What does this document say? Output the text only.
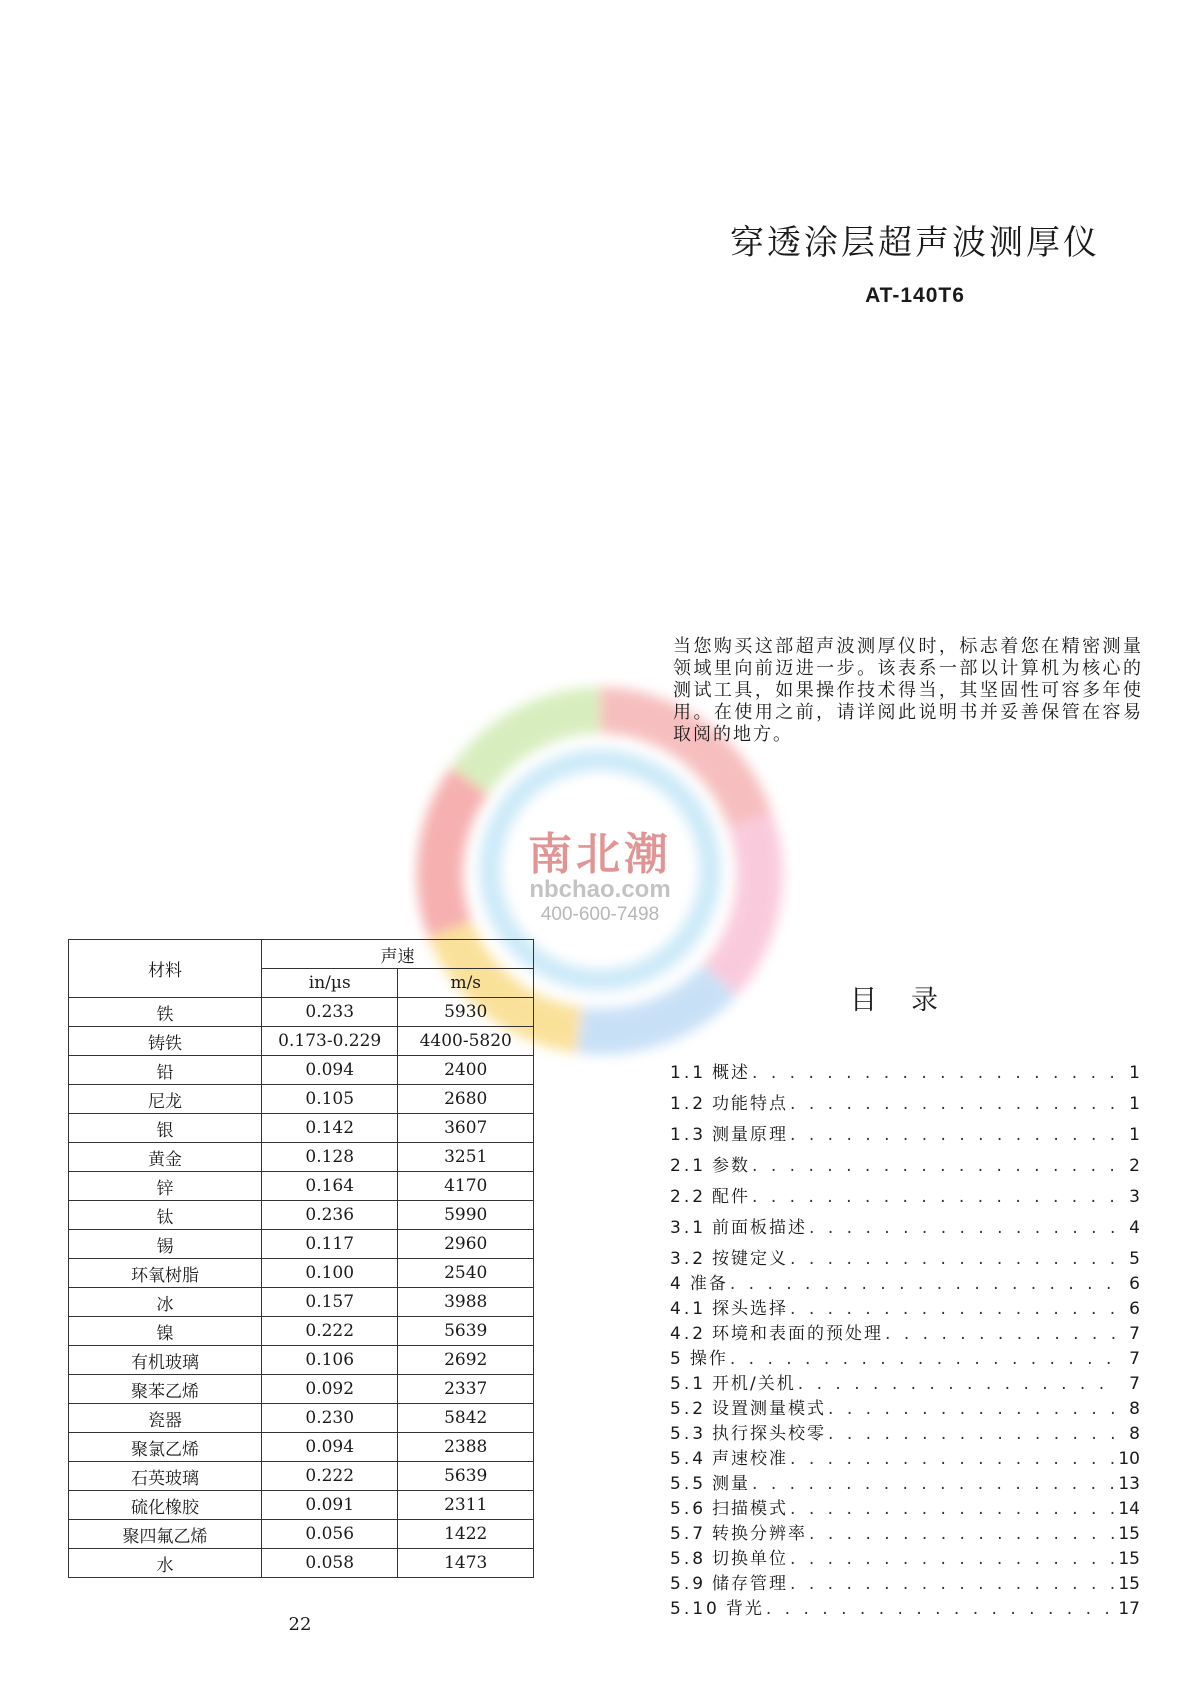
穿透涂层超声波测厚仪
AT-140T6
南北潮
nbchao.com
400-600-7498
当您购买这部超声波测厚仪时，标志着您在精密测量领域里向前迈进一步。该表系一部以计算机为核心的测试工具，如果操作技术得当，其坚固性可容多年使用。在使用之前，请详阅此说明书并妥善保管在容易取阅的地方。
材料	声速	
	in/µs	m/s
铁	0.233	5930
铸铁	0.173-0.229	4400-5820
铅	0.094	2400
尼龙	0.105	2680
银	0.142	3607
黄金	0.128	3251
锌	0.164	4170
钛	0.236	5990
锡	0.117	2960
环氧树脂	0.100	2540
冰	0.157	3988
镍	0.222	5639
有机玻璃	0.106	2692
聚苯乙烯	0.092	2337
瓷器	0.230	5842
聚氯乙烯	0.094	2388
石英玻璃	0.222	5639
硫化橡胶	0.091	2311
聚四氟乙烯	0.056	1422
水	0.058	1473
22
目录
1.1 概述 . . .	1
1.2 功能特点 . . .	1
1.3 测量原理 . . .	1
2.1 参数 . . .	2
2.2 配件 . . .	3
3.1 前面板描述 . . .	4
3.2 按键定义 . . .	5
4 准备 . . .	6
4.1 探头选择 . . .	6
4.2 环境和表面的预处理 . . .	7
5 操作 . . .	7
5.1 开机/关机 . . .	7
5.2 设置测量模式 . . .	8
5.3 执行探头校零 . . .	8
5.4 声速校准 . . .	10
5.5 测量 . . .	13
5.6 扫描模式 . . .	14
5.7 转换分辨率 . . .	15
5.8 切换单位 . . .	15
5.9 储存管理 . . .	15
5.10 背光 . . .	17
